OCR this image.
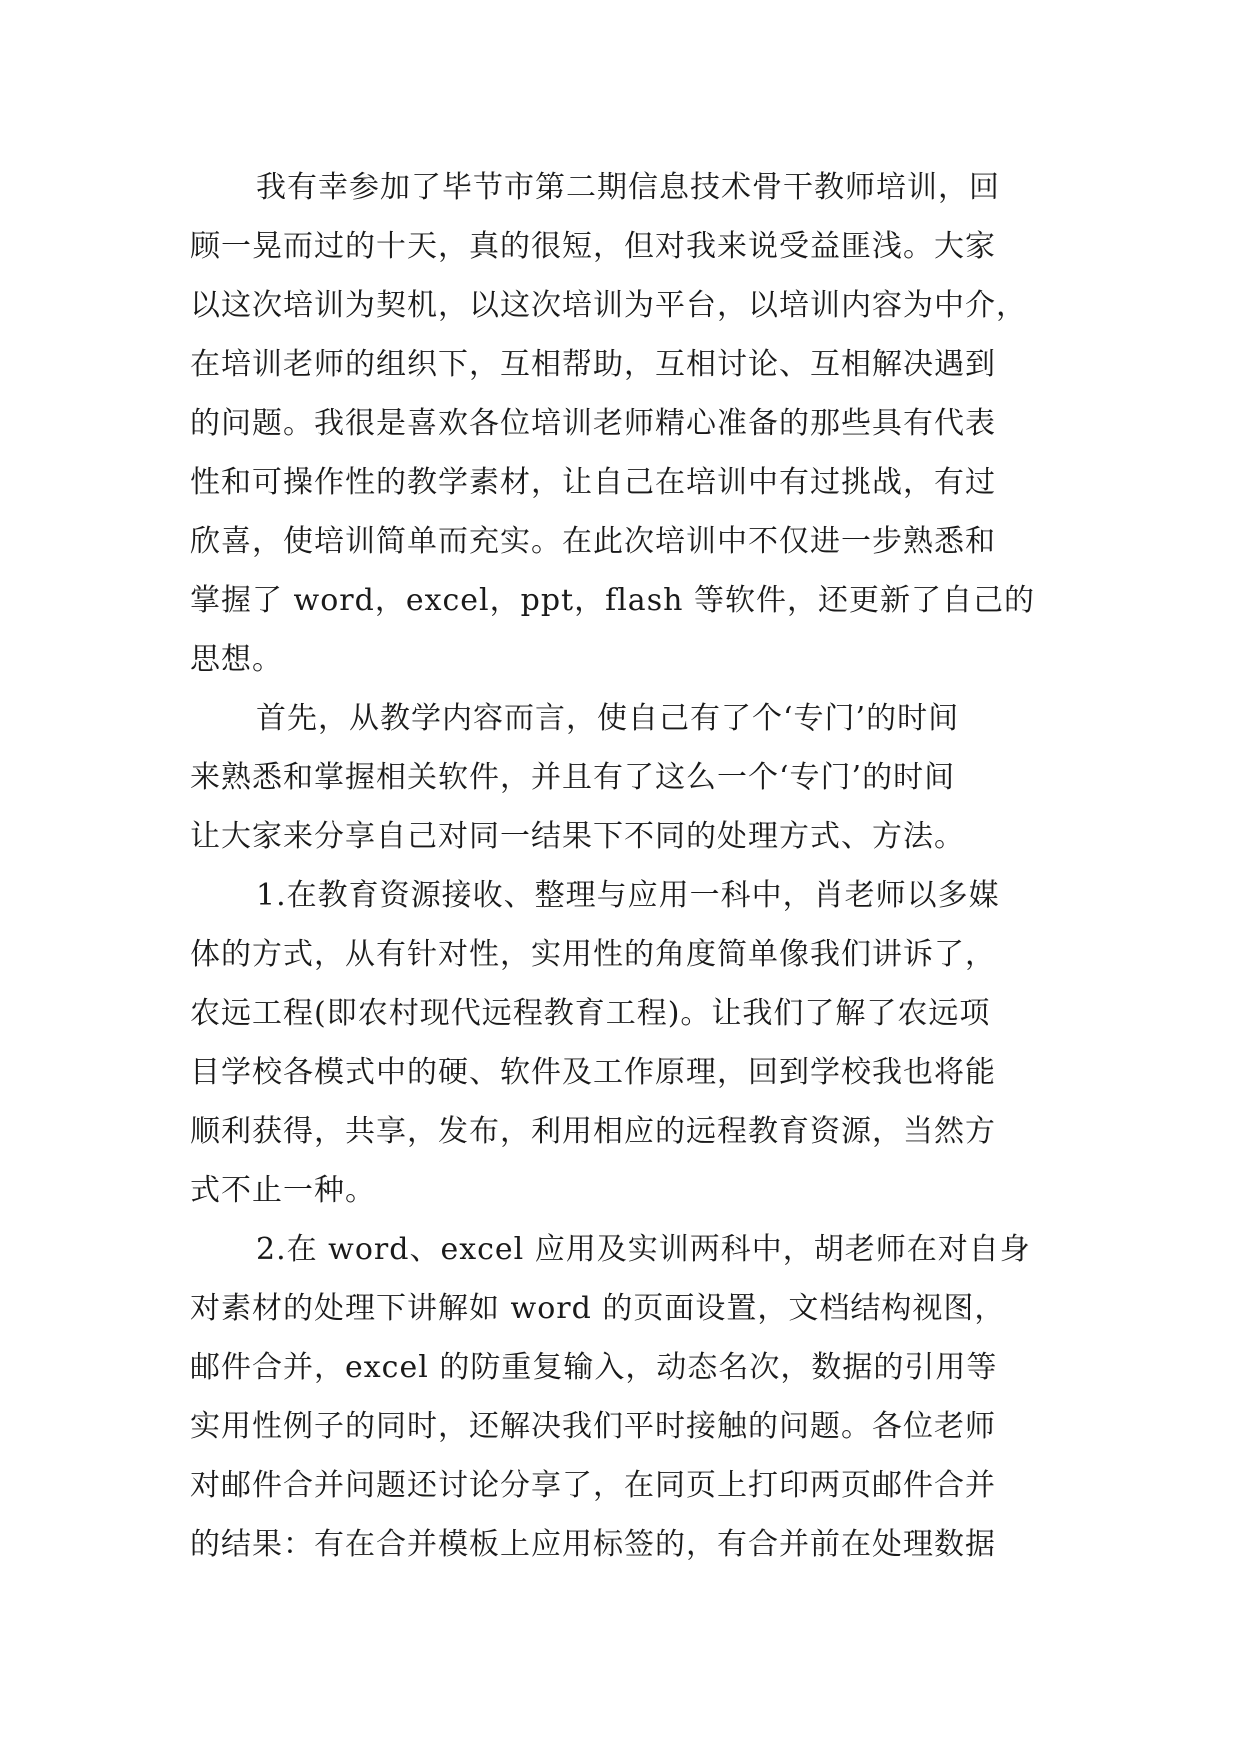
我有幸参加了毕节市第二期信息技术骨干教师培训，回
顾一晃而过的十天，真的很短，但对我来说受益匪浅。大家
以这次培训为契机，以这次培训为平台，以培训内容为中介，
在培训老师的组织下，互相帮助，互相讨论、互相解决遇到
的问题。我很是喜欢各位培训老师精心准备的那些具有代表
性和可操作性的教学素材，让自己在培训中有过挑战，有过
欣喜，使培训简单而充实。在此次培训中不仅进一步熟悉和
掌握了 word，excel，ppt，flash 等软件，还更新了自己的
思想。
首先，从教学内容而言，使自己有了个‘专门’的时间
来熟悉和掌握相关软件，并且有了这么一个‘专门’的时间
让大家来分享自己对同一结果下不同的处理方式、方法。
1.在教育资源接收、整理与应用一科中，肖老师以多媒
体的方式，从有针对性，实用性的角度简单像我们讲诉了，
农远工程(即农村现代远程教育工程)。让我们了解了农远项
目学校各模式中的硬、软件及工作原理，回到学校我也将能
顺利获得，共享，发布，利用相应的远程教育资源，当然方
式不止一种。
2.在 word、excel 应用及实训两科中，胡老师在对自身
对素材的处理下讲解如 word 的页面设置，文档结构视图，
邮件合并，excel 的防重复输入，动态名次，数据的引用等
实用性例子的同时，还解决我们平时接触的问题。各位老师
对邮件合并问题还讨论分享了，在同页上打印两页邮件合并
的结果：有在合并模板上应用标签的，有合并前在处理数据
